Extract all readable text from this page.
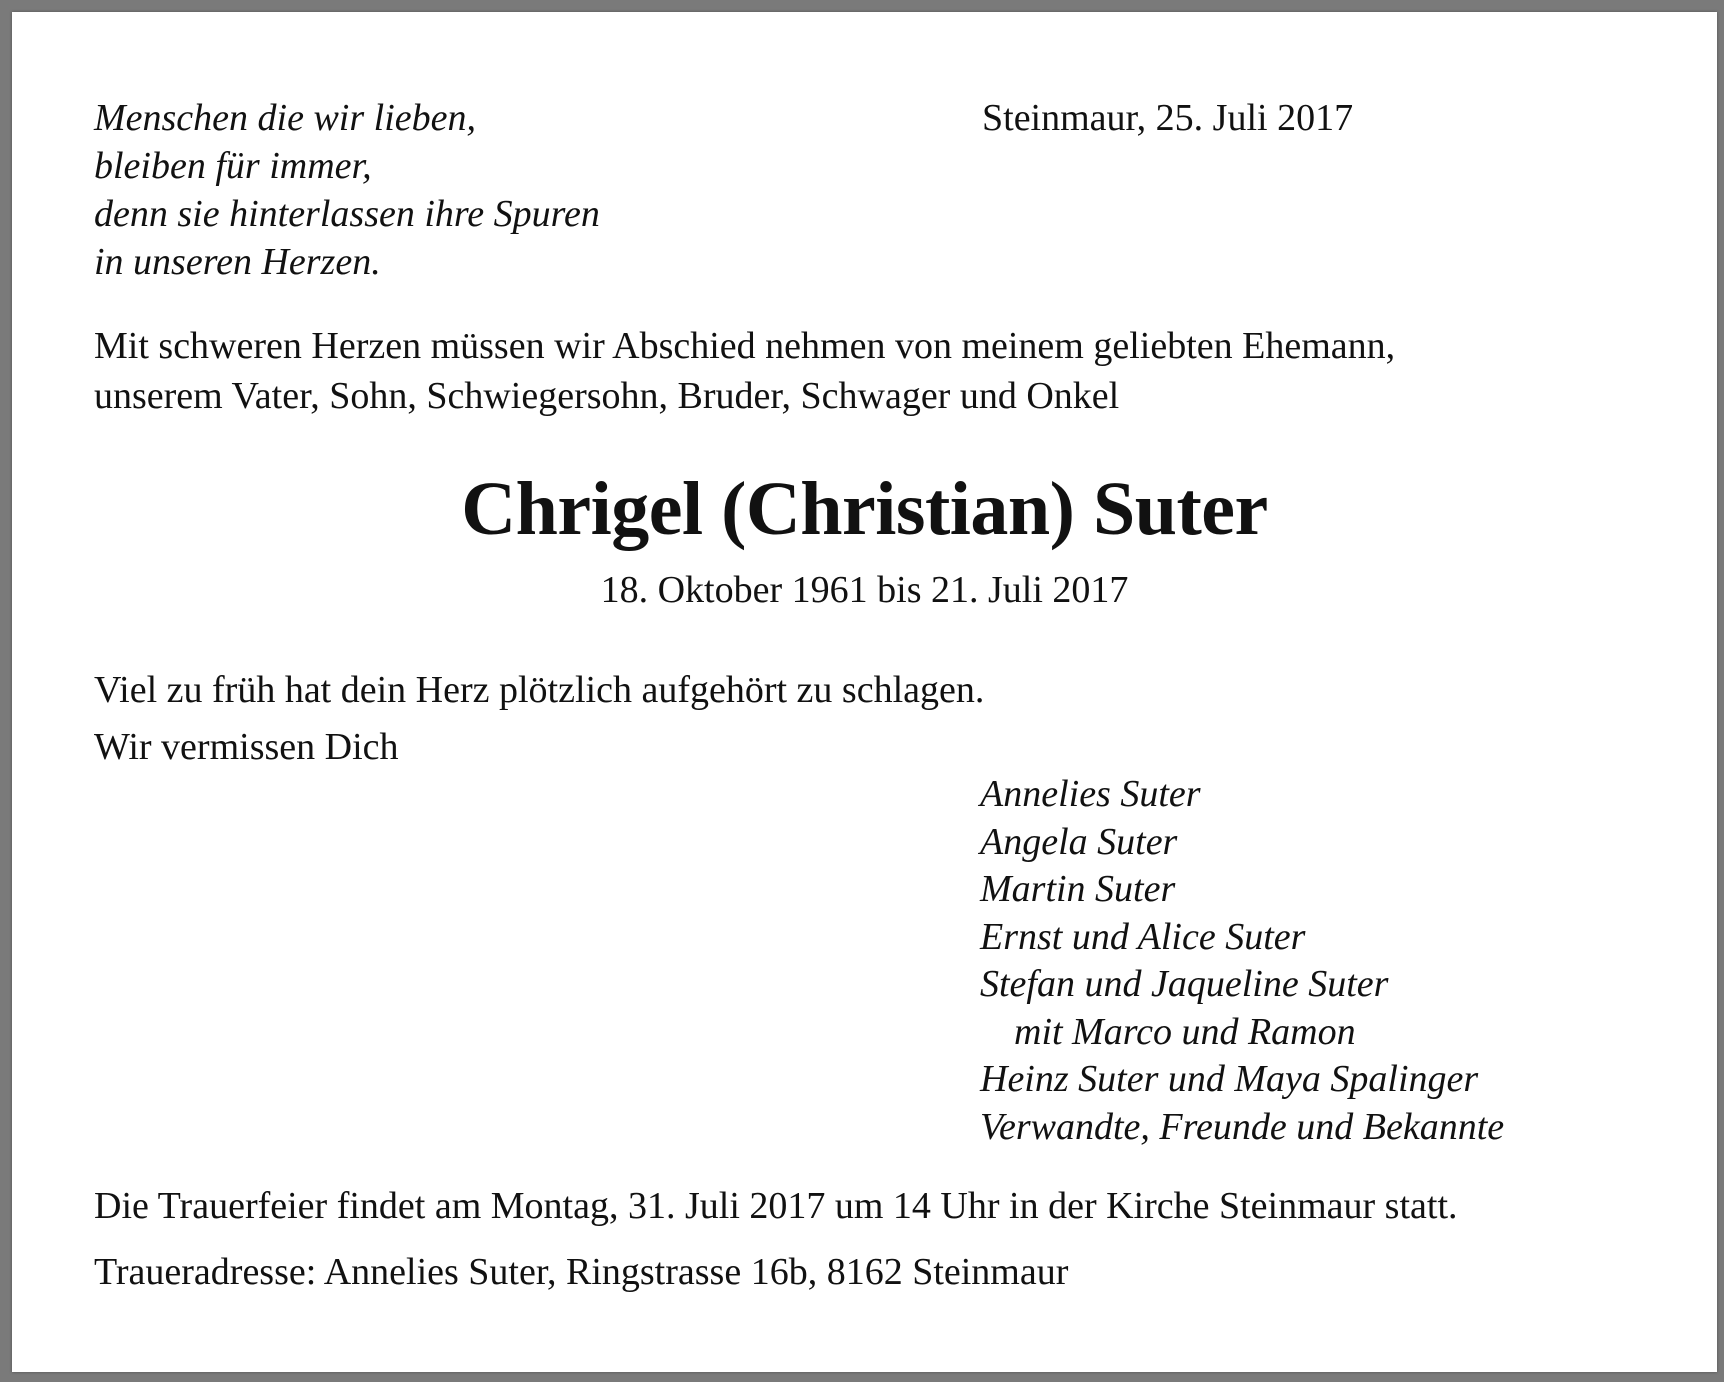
Menschen die wir lieben,
bleiben für immer,
denn sie hinterlassen ihre Spuren
in unseren Herzen.
Steinmaur, 25. Juli 2017
Mit schweren Herzen müssen wir Abschied nehmen von meinem geliebten Ehemann,
unserem Vater, Sohn, Schwiegersohn, Bruder, Schwager und Onkel
Chrigel (Christian) Suter
18. Oktober 1961 bis 21. Juli 2017
Viel zu früh hat dein Herz plötzlich aufgehört zu schlagen.
Wir vermissen Dich
Annelies Suter
Angela Suter
Martin Suter
Ernst und Alice Suter
Stefan und Jaqueline Suter
mit Marco und Ramon
Heinz Suter und Maya Spalinger
Verwandte, Freunde und Bekannte
Die Trauerfeier findet am Montag, 31. Juli 2017 um 14 Uhr in der Kirche Steinmaur statt.
Traueradresse: Annelies Suter, Ringstrasse 16b, 8162 Steinmaur
